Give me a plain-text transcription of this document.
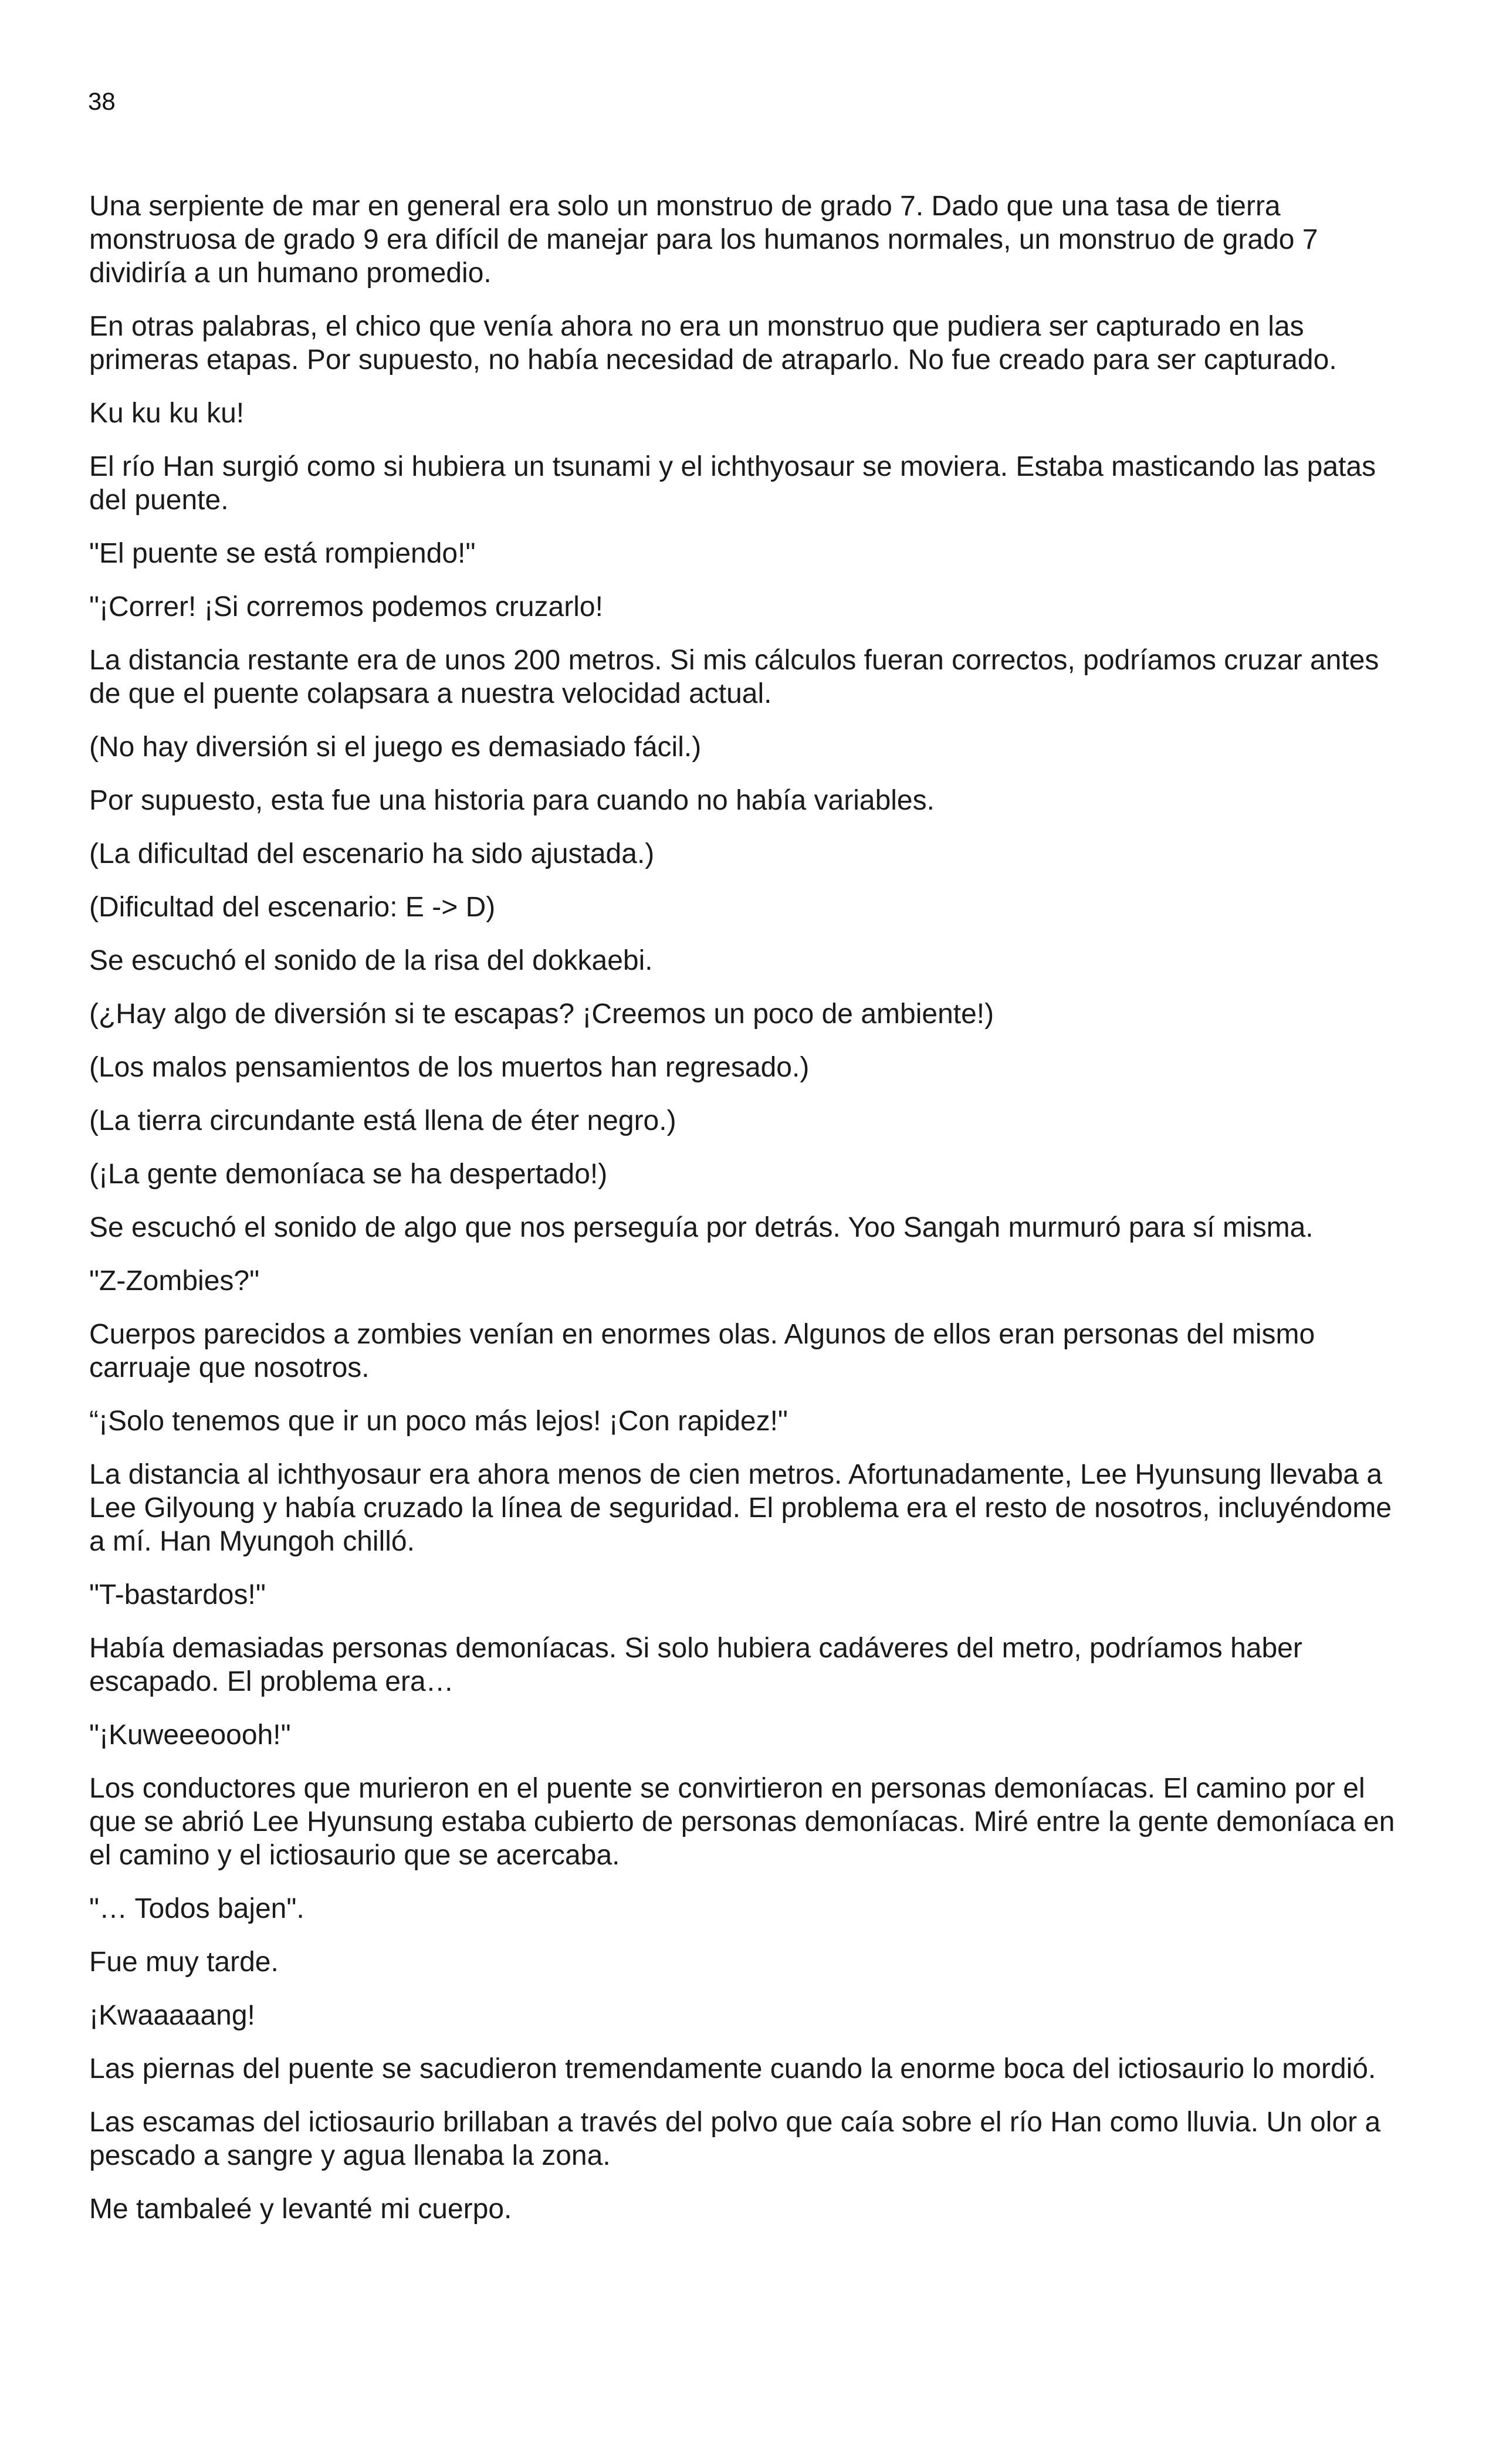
38

Una serpiente de mar en general era solo un monstruo de grado 7. Dado que una tasa de tierra monstruosa de grado 9 era difícil de manejar para los humanos normales, un monstruo de grado 7 dividiría a un humano promedio.

En otras palabras, el chico que venía ahora no era un monstruo que pudiera ser capturado en las primeras etapas. Por supuesto, no había necesidad de atraparlo. No fue creado para ser capturado.

Ku ku ku ku!

El río Han surgió como si hubiera un tsunami y el ichthyosaur se moviera. Estaba masticando las patas del puente.

"El puente se está rompiendo!"

"¡Correr! ¡Si corremos podemos cruzarlo!

La distancia restante era de unos 200 metros. Si mis cálculos fueran correctos, podríamos cruzar antes de que el puente colapsara a nuestra velocidad actual.

(No hay diversión si el juego es demasiado fácil.)

Por supuesto, esta fue una historia para cuando no había variables.

(La dificultad del escenario ha sido ajustada.)

(Dificultad del escenario: E -> D)

Se escuchó el sonido de la risa del dokkaebi.

(¿Hay algo de diversión si te escapas? ¡Creemos un poco de ambiente!)

(Los malos pensamientos de los muertos han regresado.)

(La tierra circundante está llena de éter negro.)

(¡La gente demoníaca se ha despertado!)

Se escuchó el sonido de algo que nos perseguía por detrás. Yoo Sangah murmuró para sí misma.

"Z-Zombies?"

Cuerpos parecidos a zombies venían en enormes olas. Algunos de ellos eran personas del mismo carruaje que nosotros.

“¡Solo tenemos que ir un poco más lejos! ¡Con rapidez!"

La distancia al ichthyosaur era ahora menos de cien metros. Afortunadamente, Lee Hyunsung llevaba a Lee Gilyoung y había cruzado la línea de seguridad. El problema era el resto de nosotros, incluyéndome a mí. Han Myungoh chilló.

"T-bastardos!"

Había demasiadas personas demoníacas. Si solo hubiera cadáveres del metro, podríamos haber escapado. El problema era…

"¡Kuweeeoooh!"

Los conductores que murieron en el puente se convirtieron en personas demoníacas. El camino por el que se abrió Lee Hyunsung estaba cubierto de personas demoníacas. Miré entre la gente demoníaca en el camino y el ictiosaurio que se acercaba.

"… Todos bajen".

Fue muy tarde.

¡Kwaaaaang!

Las piernas del puente se sacudieron tremendamente cuando la enorme boca del ictiosaurio lo mordió.

Las escamas del ictiosaurio brillaban a través del polvo que caía sobre el río Han como lluvia. Un olor a pescado a sangre y agua llenaba la zona.

Me tambaleé y levanté mi cuerpo.
